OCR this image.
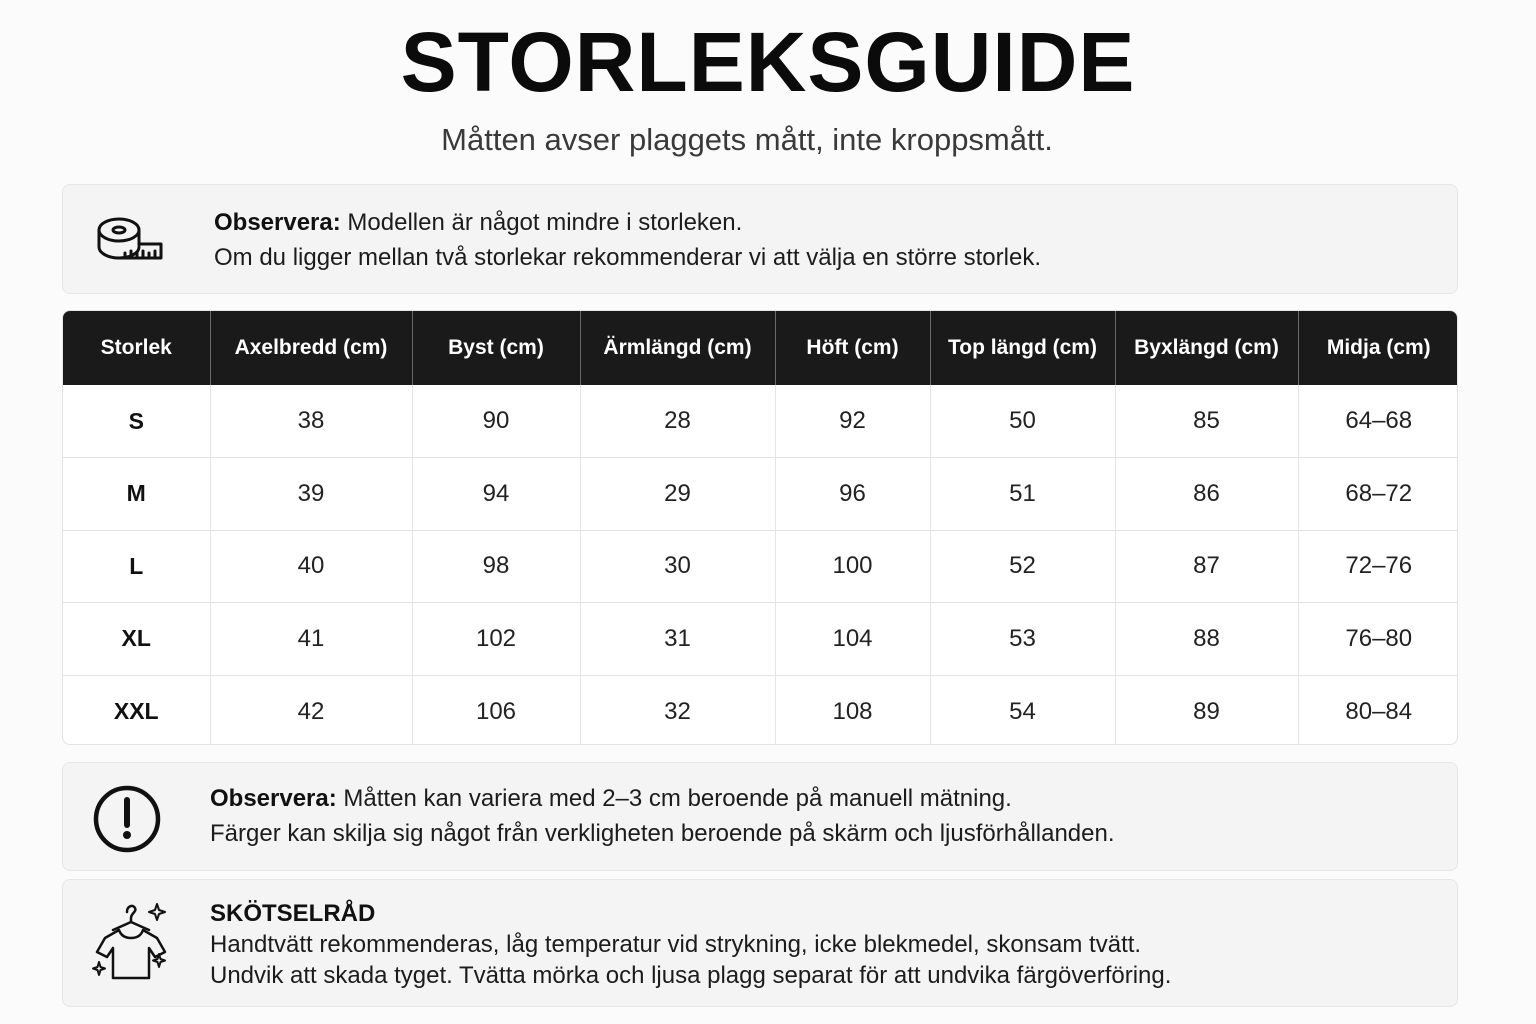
STORLEKSGUIDE
Måtten avser plaggets mått, inte kroppsmått.
Observera: Modellen är något mindre i storleken.
Om du ligger mellan två storlekar rekommenderar vi att välja en större storlek.
Storlek	Axelbredd (cm)	Byst (cm)	Ärmlängd (cm)	Höft (cm)	Top längd (cm)	Byxlängd (cm)	Midja (cm)
S	38	90	28	92	50	85	64–68
M	39	94	29	96	51	86	68–72
L	40	98	30	100	52	87	72–76
XL	41	102	31	104	53	88	76–80
XXL	42	106	32	108	54	89	80–84
Observera: Måtten kan variera med 2–3 cm beroende på manuell mätning.
Färger kan skilja sig något från verkligheten beroende på skärm och ljusförhållanden.
SKÖTSELRÅD
Handtvätt rekommenderas, låg temperatur vid strykning, icke blekmedel, skonsam tvätt.
Undvik att skada tyget. Tvätta mörka och ljusa plagg separat för att undvika färgöverföring.
